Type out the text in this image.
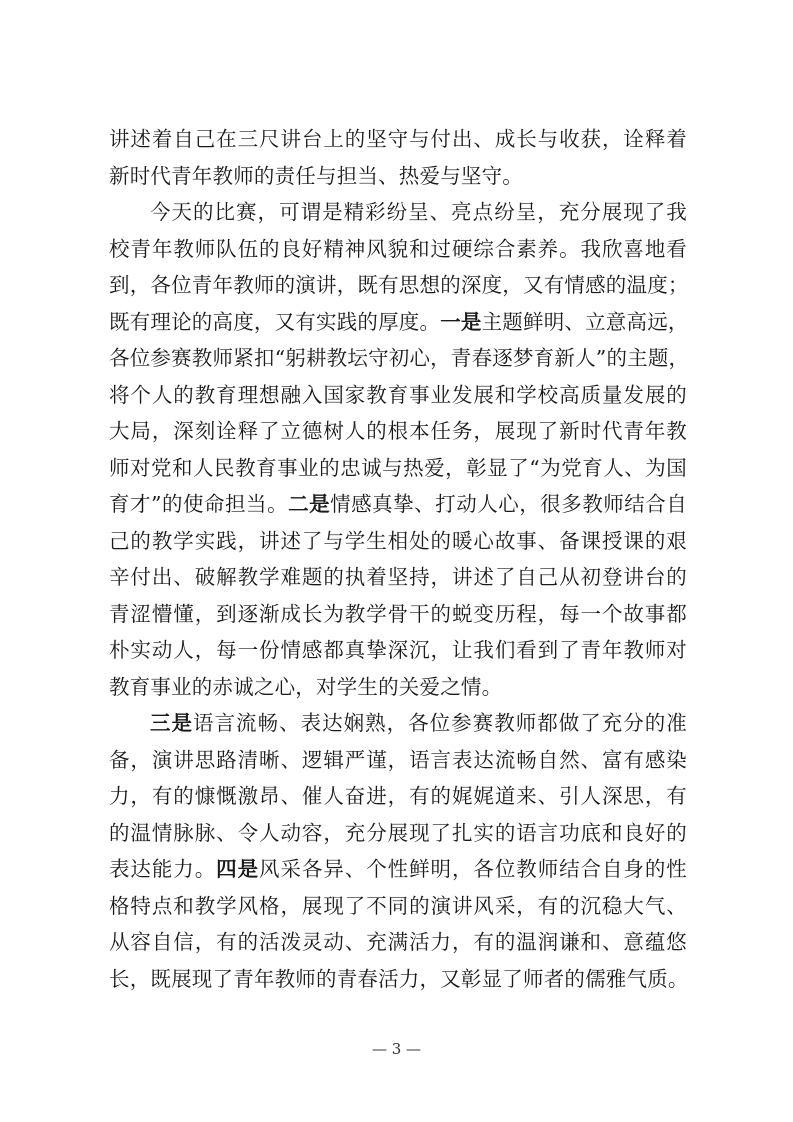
讲述着自己在三尺讲台上的坚守与付出、成长与收获，诠释着
新时代青年教师的责任与担当、热爱与坚守。

今天的比赛，可谓是精彩纷呈、亮点纷呈，充分展现了我
校青年教师队伍的良好精神风貌和过硬综合素养。我欣喜地看
到，各位青年教师的演讲，既有思想的深度，又有情感的温度；
既有理论的高度，又有实践的厚度。一是主题鲜明、立意高远，
各位参赛教师紧扣“躬耕教坛守初心，青春逐梦育新人”的主题，
将个人的教育理想融入国家教育事业发展和学校高质量发展的
大局，深刻诠释了立德树人的根本任务，展现了新时代青年教
师对党和人民教育事业的忠诚与热爱，彰显了“为党育人、为国
育才”的使命担当。二是情感真挚、打动人心，很多教师结合自
己的教学实践，讲述了与学生相处的暖心故事、备课授课的艰
辛付出、破解教学难题的执着坚持，讲述了自己从初登讲台的
青涩懵懂，到逐渐成长为教学骨干的蜕变历程，每一个故事都
朴实动人，每一份情感都真挚深沉，让我们看到了青年教师对
教育事业的赤诚之心，对学生的关爱之情。

三是语言流畅、表达娴熟，各位参赛教师都做了充分的准
备，演讲思路清晰、逻辑严谨，语言表达流畅自然、富有感染
力，有的慷慨激昂、催人奋进，有的娓娓道来、引人深思，有
的温情脉脉、令人动容，充分展现了扎实的语言功底和良好的
表达能力。四是风采各异、个性鲜明，各位教师结合自身的性
格特点和教学风格，展现了不同的演讲风采，有的沉稳大气、
从容自信，有的活泼灵动、充满活力，有的温润谦和、意蕴悠
长，既展现了青年教师的青春活力，又彰显了师者的儒雅气质。

— 3 —
